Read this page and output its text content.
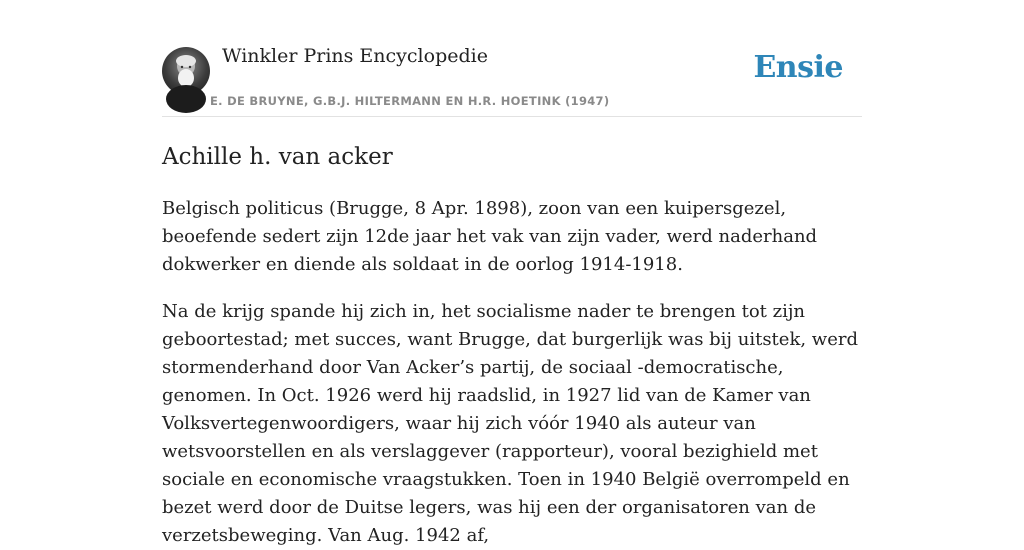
Winkler Prins Encyclopedie
E. DE BRUYNE, G.B.J. HILTERMANN EN H.R. HOETINK (1947)
Ensie
Achille h. van acker

Belgisch politicus (Brugge, 8 Apr. 1898), zoon van een kuipersgezel, beoefende sedert zijn 12de jaar het vak van zijn vader, werd naderhand dokwerker en diende als soldaat in de oorlog 1914-1918.

Na de krijg spande hij zich in, het socialisme nader te brengen tot zijn geboortestad; met succes, want Brugge, dat burgerlijk was bij uitstek, werd stormenderhand door Van Acker’s partij, de sociaal -democratische, genomen. In Oct. 1926 werd hij raadslid, in 1927 lid van de Kamer van Volksvertegenwoordigers, waar hij zich vóór 1940 als auteur van wetsvoorstellen en als verslaggever (rapporteur), vooral bezighield met sociale en economische vraagstukken. Toen in 1940 België overrompeld en bezet werd door de Duitse legers, was hij een der organisatoren van de verzetsbeweging. Van Aug. 1942 af,
